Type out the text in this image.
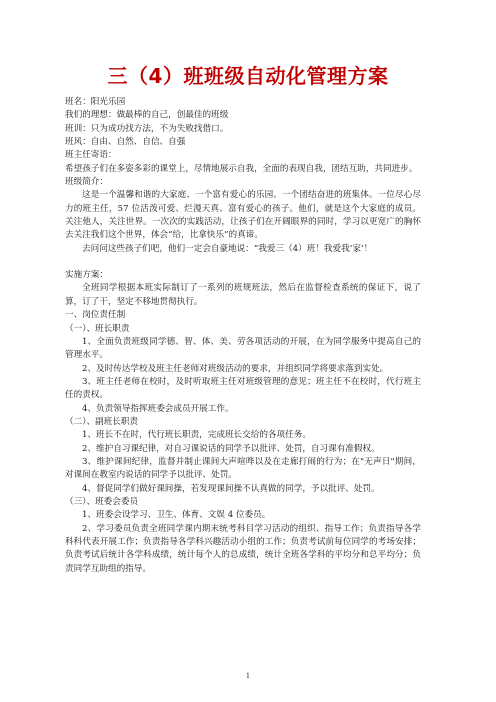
三（4）班班级自动化管理方案

班名：阳光乐园

我们的理想：做最棒的自己，创最佳的班级

班训：只为成功找方法，不为失败找借口。

班风：自由、自然、自信、自强

班主任寄语：

希望孩子们在多姿多彩的课堂上，尽情地展示自我，全面的表现自我，团结互助，共同进步。

班级简介：

这是一个温馨和谐的大家庭、一个富有爱心的乐园、一个团结奋进的班集体。一位尽心尽力的班主任，57 位活泼可爱、烂漫天真、富有爱心的孩子。他们，就是这个大家庭的成员。关注他人，关注世界。一次次的实践活动，让孩子们在开阔眼界的同时，学习以更宽广的胸怀去关注我们这个世界，体会“给，比拿快乐”的真谛。

去问问这些孩子们吧，他们一定会自豪地说：“我爱三（4）班！我爱我‘家’！

实施方案：

全班同学根据本班实际制订了一系列的班规班法，然后在监督检查系统的保证下，说了算，订了干，坚定不移地贯彻执行。

一、岗位责任制

（一）、班长职责

1、全面负责班级同学德、智、体、美、劳各项活动的开展，在为同学服务中提高自己的管理水平。

2、及时传达学校及班主任老师对班级活动的要求，并组织同学将要求落到实处。

3、班主任老师在校时，及时听取班主任对班级管理的意见；班主任不在校时，代行班主任的责权。

4、负责领导指挥班委会成员开展工作。

（二）、副班长职责

1、班长不在时，代行班长职责，完成班长交给的各项任务。

2、维护自习课纪律，对自习课说话的同学予以批评、处罚，自习课有准假权。

3、维护课间纪律，监督并制止课间大声喧哗以及在走廊打闹的行为；在"无声日"期间，对课间在教室内说话的同学予以批评、处罚。

4、督促同学们做好课间操，若发现课间操不认真做的同学，予以批评、处罚。

（三）、班委会委员

1、班委会设学习、卫生、体育、文娱 4 位委员。

2、学习委员负责全班同学课内期末统考科目学习活动的组织、指导工作；负责指导各学科科代表开展工作；负责指导各学科兴趣活动小组的工作；负责考试前每位同学的考场安排；负责考试后统计各学科成绩，统计每个人的总成绩，统计全班各学科的平均分和总平均分；负责同学互助组的指导。

1
